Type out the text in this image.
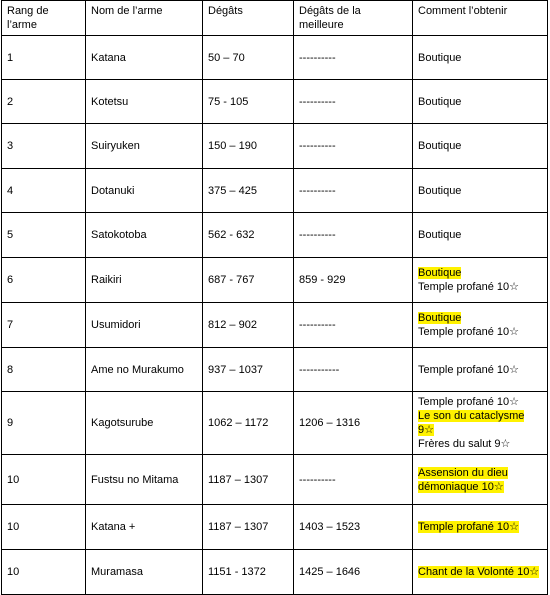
Rang de l’arme	Nom de l’arme	Dégâts	Dégâts de la meilleure	Comment l’obtenir
1	Katana	50 – 70	----------	Boutique

2	Kotetsu	75 - 105	----------	Boutique

3	Suiryuken	150 – 190	----------	Boutique

4	Dotanuki	375 – 425	----------	Boutique

5	Satokotoba	562 - 632	----------	Boutique

6	Raikiri	687 - 767	859 - 929	Boutique
Temple profané 10☆

7	Usumidori	812 – 902	----------	Boutique
Temple profané 10☆

8	Ame no Murakumo	937 – 1037	-----------	Temple profané 10☆

9	Kagotsurube	1062 – 1172	1206 – 1316	Temple profané 10☆
Le son du cataclysme 9☆
Frères du salut 9☆

10	Fustsu no Mitama	1187 – 1307	----------	Assension du dieu démoniaque 10☆

10	Katana +	1187 – 1307	1403 – 1523	Temple profané 10☆

10	Muramasa	1151 - 1372	1425 – 1646	Chant de la Volonté 10☆
